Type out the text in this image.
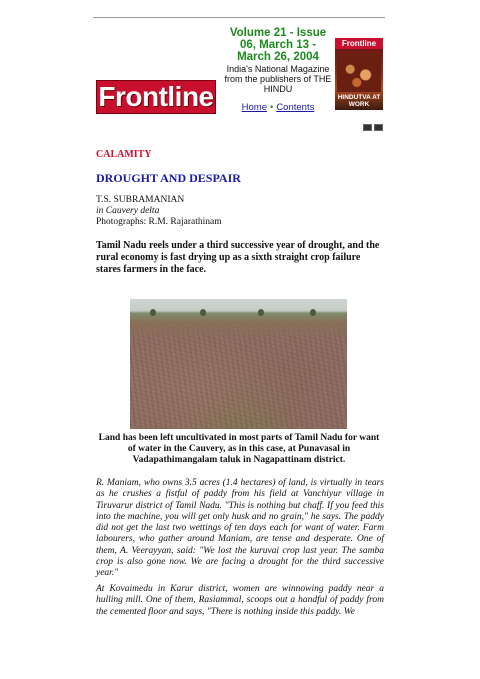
Frontline
Volume 21 - Issue 06, March 13 - March 26, 2004
India's National Magazine from the publishers of THE HINDU
Home • Contents
Frontline
HINDUTVA AT WORK
CALAMITY
DROUGHT AND DESPAIR
T.S. SUBRAMANIAN
in Cauvery delta
Photographs: R.M. Rajarathinam
Tamil Nadu reels under a third successive year of drought, and the rural economy is fast drying up as a sixth straight crop failure stares farmers in the face.
Land has been left uncultivated in most parts of Tamil Nadu for want of water in the Cauvery, as in this case, at Punavasal in Vadapathimangalam taluk in Nagapattinam district.

R. Maniam, who owns 3.5 acres (1.4 hectares) of land, is virtually in tears as he crushes a fistful of paddy from his field at Vanchiyur village in Tiruvarur district of Tamil Nadu. "This is nothing but chaff. If you feed this into the machine, you will get only husk and no grain," he says. The paddy did not get the last two wettings of ten days each for want of water. Farm labourers, who gather around Maniam, are tense and desperate. One of them, A. Veerayyan, said: "We lost the kuruvai crop last year. The samba crop is also gone now. We are facing a drought for the third successive year."

At Kovaimedu in Karur district, women are winnowing paddy near a hulling mill. One of them, Rasiammal, scoops out a handful of paddy from the cemented floor and says, "There is nothing inside this paddy. We
